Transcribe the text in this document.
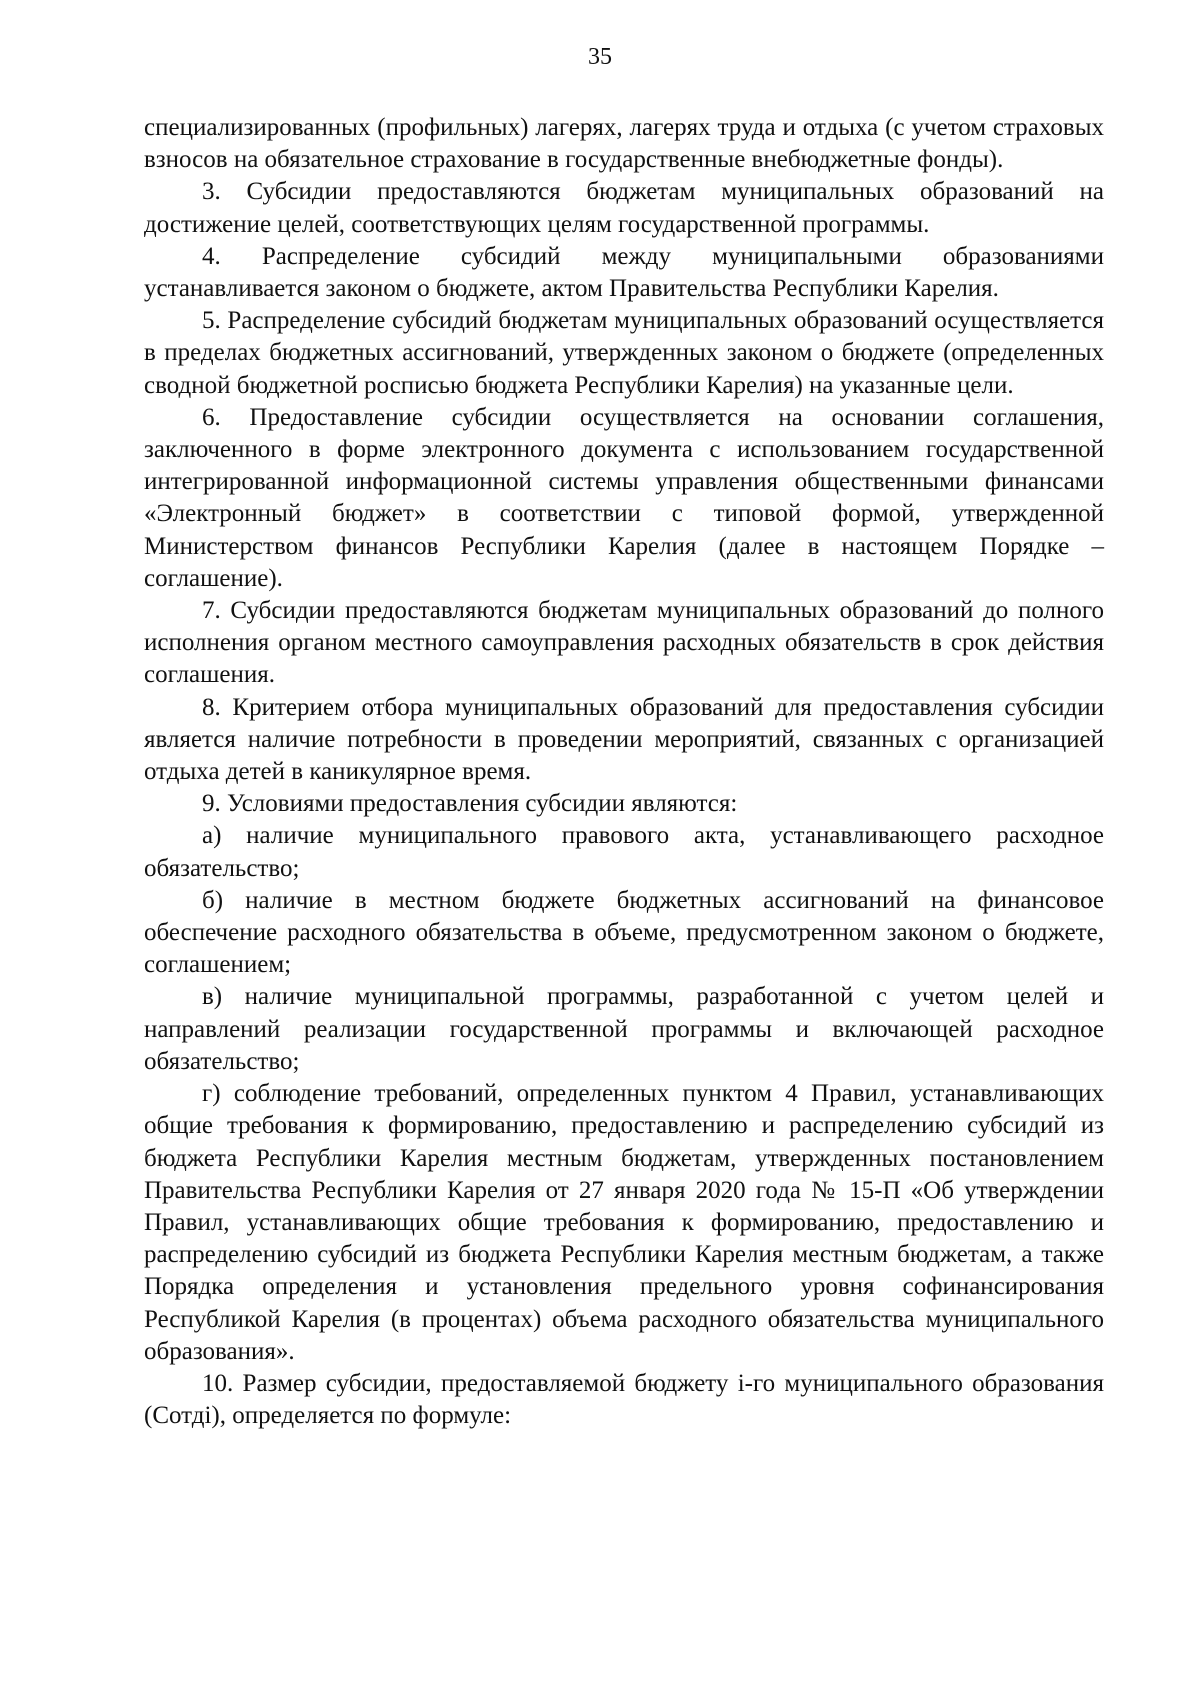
35

специализированных (профильных) лагерях, лагерях труда и отдыха (с учетом страховых взносов на обязательное страхование в государственные внебюджетные фонды).

3. Субсидии предоставляются бюджетам муниципальных образований на достижение целей, соответствующих целям государственной программы.

4. Распределение субсидий между муниципальными образованиями устанавливается законом о бюджете, актом Правительства Республики Карелия.

5. Распределение субсидий бюджетам муниципальных образований осуществляется в пределах бюджетных ассигнований, утвержденных законом о бюджете (определенных сводной бюджетной росписью бюджета Республики Карелия) на указанные цели.

6. Предоставление субсидии осуществляется на основании соглашения, заключенного в форме электронного документа с использованием государственной интегрированной информационной системы управления общественными финансами «Электронный бюджет» в соответствии с типовой формой, утвержденной Министерством финансов Республики Карелия (далее в настоящем Порядке – соглашение).

7. Субсидии предоставляются бюджетам муниципальных образований до полного исполнения органом местного самоуправления расходных обязательств в срок действия соглашения.

8. Критерием отбора муниципальных образований для предоставления субсидии является наличие потребности в проведении мероприятий, связанных с организацией отдыха детей в каникулярное время.

9. Условиями предоставления субсидии являются:

а) наличие муниципального правового акта, устанавливающего расходное обязательство;

б) наличие в местном бюджете бюджетных ассигнований на финансовое обеспечение расходного обязательства в объеме, предусмотренном законом о бюджете, соглашением;

в) наличие муниципальной программы, разработанной с учетом целей и направлений реализации государственной программы и включающей расходное обязательство;

г) соблюдение требований, определенных пунктом 4 Правил, устанавливающих общие требования к формированию, предоставлению и распределению субсидий из бюджета Республики Карелия местным бюджетам, утвержденных постановлением Правительства Республики Карелия от 27 января 2020 года № 15-П «Об утверждении Правил, устанавливающих общие требования к формированию, предоставлению и распределению субсидий из бюджета Республики Карелия местным бюджетам, а также Порядка определения и установления предельного уровня софинансирования Республикой Карелия (в процентах) объема расходного обязательства муниципального образования».

10. Размер субсидии, предоставляемой бюджету i-го муниципального образования (Cотдi), определяется по формуле:
